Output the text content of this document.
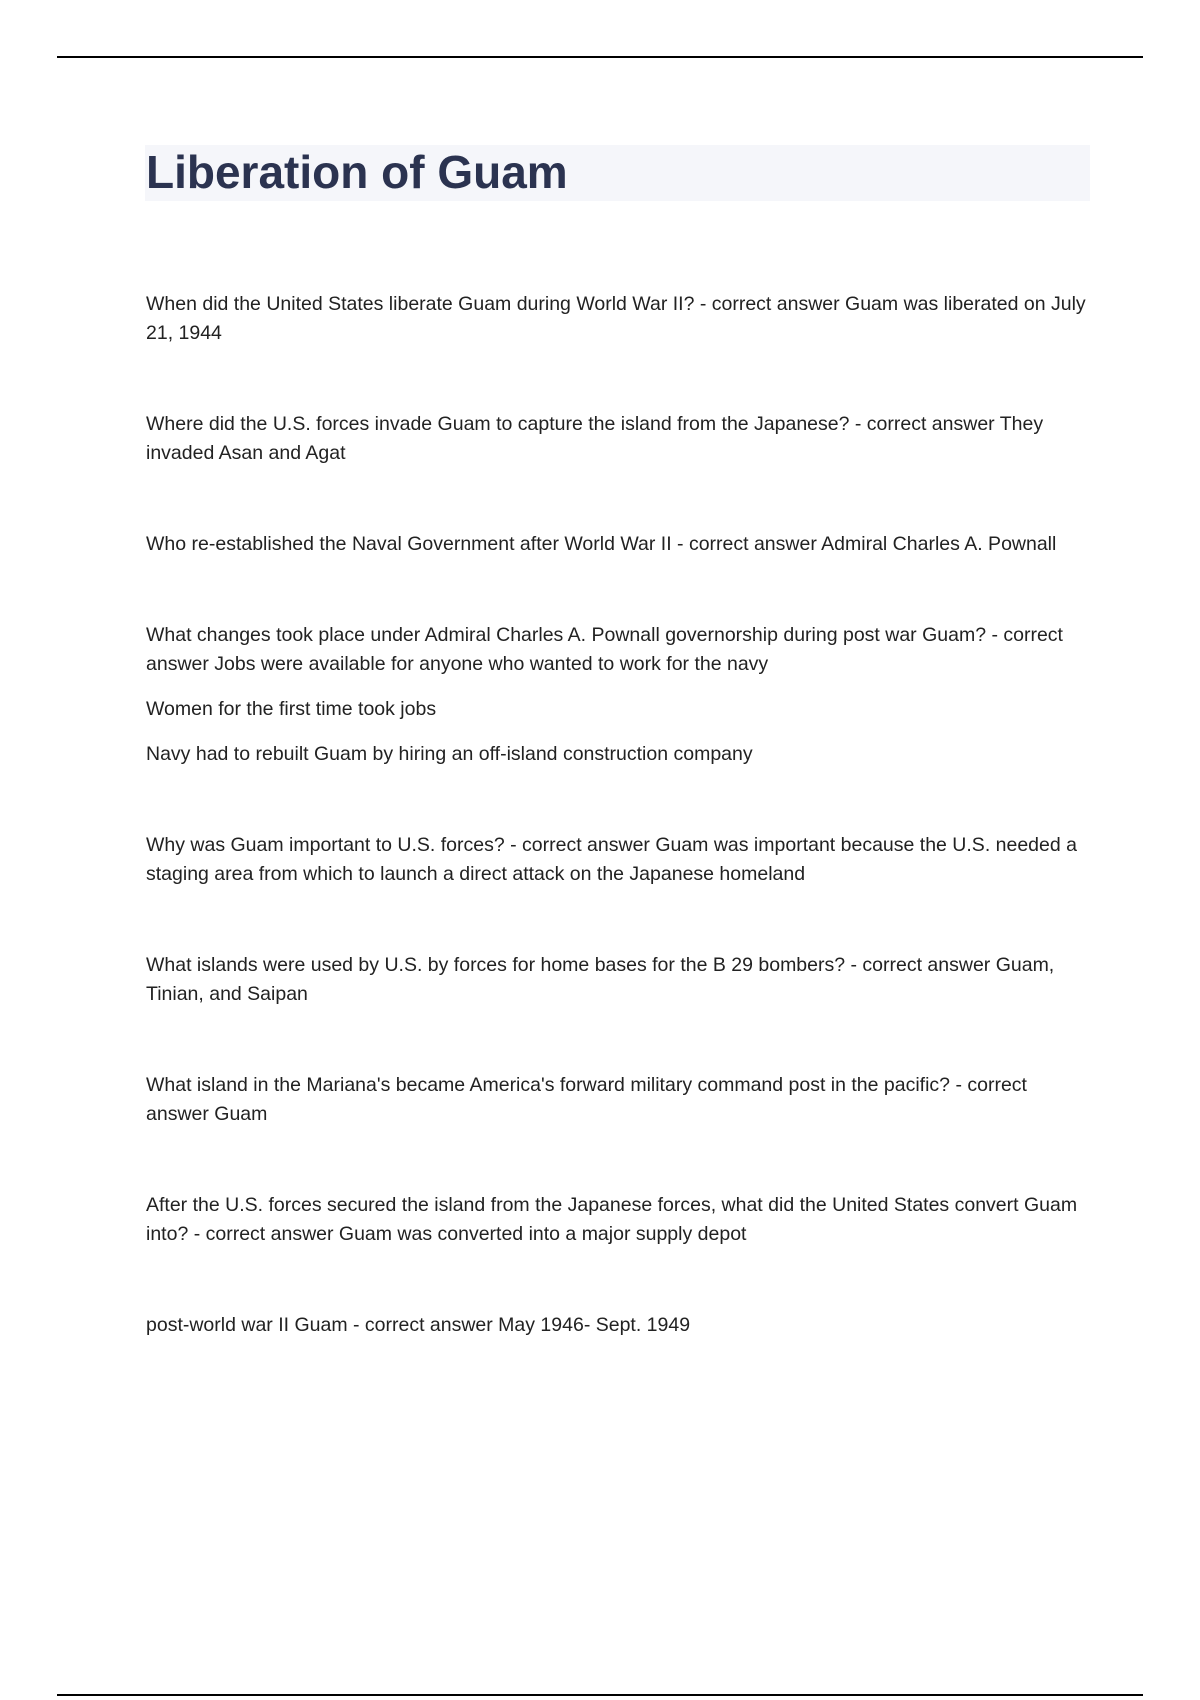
Liberation of Guam

When did the United States liberate Guam during World War II? - correct answer Guam was liberated on July 21, 1944

Where did the U.S. forces invade Guam to capture the island from the Japanese? - correct answer They invaded Asan and Agat

Who re-established the Naval Government after World War II - correct answer Admiral Charles A. Pownall

What changes took place under Admiral Charles A. Pownall governorship during post war Guam? - correct answer Jobs were available for anyone who wanted to work for the navy

Women for the first time took jobs

Navy had to rebuilt Guam by hiring an off-island construction company

Why was Guam important to U.S. forces? - correct answer Guam was important because the U.S. needed a staging area from which to launch a direct attack on the Japanese homeland

What islands were used by U.S. by forces for home bases for the B 29 bombers? - correct answer Guam, Tinian, and Saipan

What island in the Mariana's became America's forward military command post in the pacific? - correct answer Guam

After the U.S. forces secured the island from the Japanese forces, what did the United States convert Guam into? - correct answer Guam was converted into a major supply depot

post-world war II Guam - correct answer May 1946- Sept. 1949
